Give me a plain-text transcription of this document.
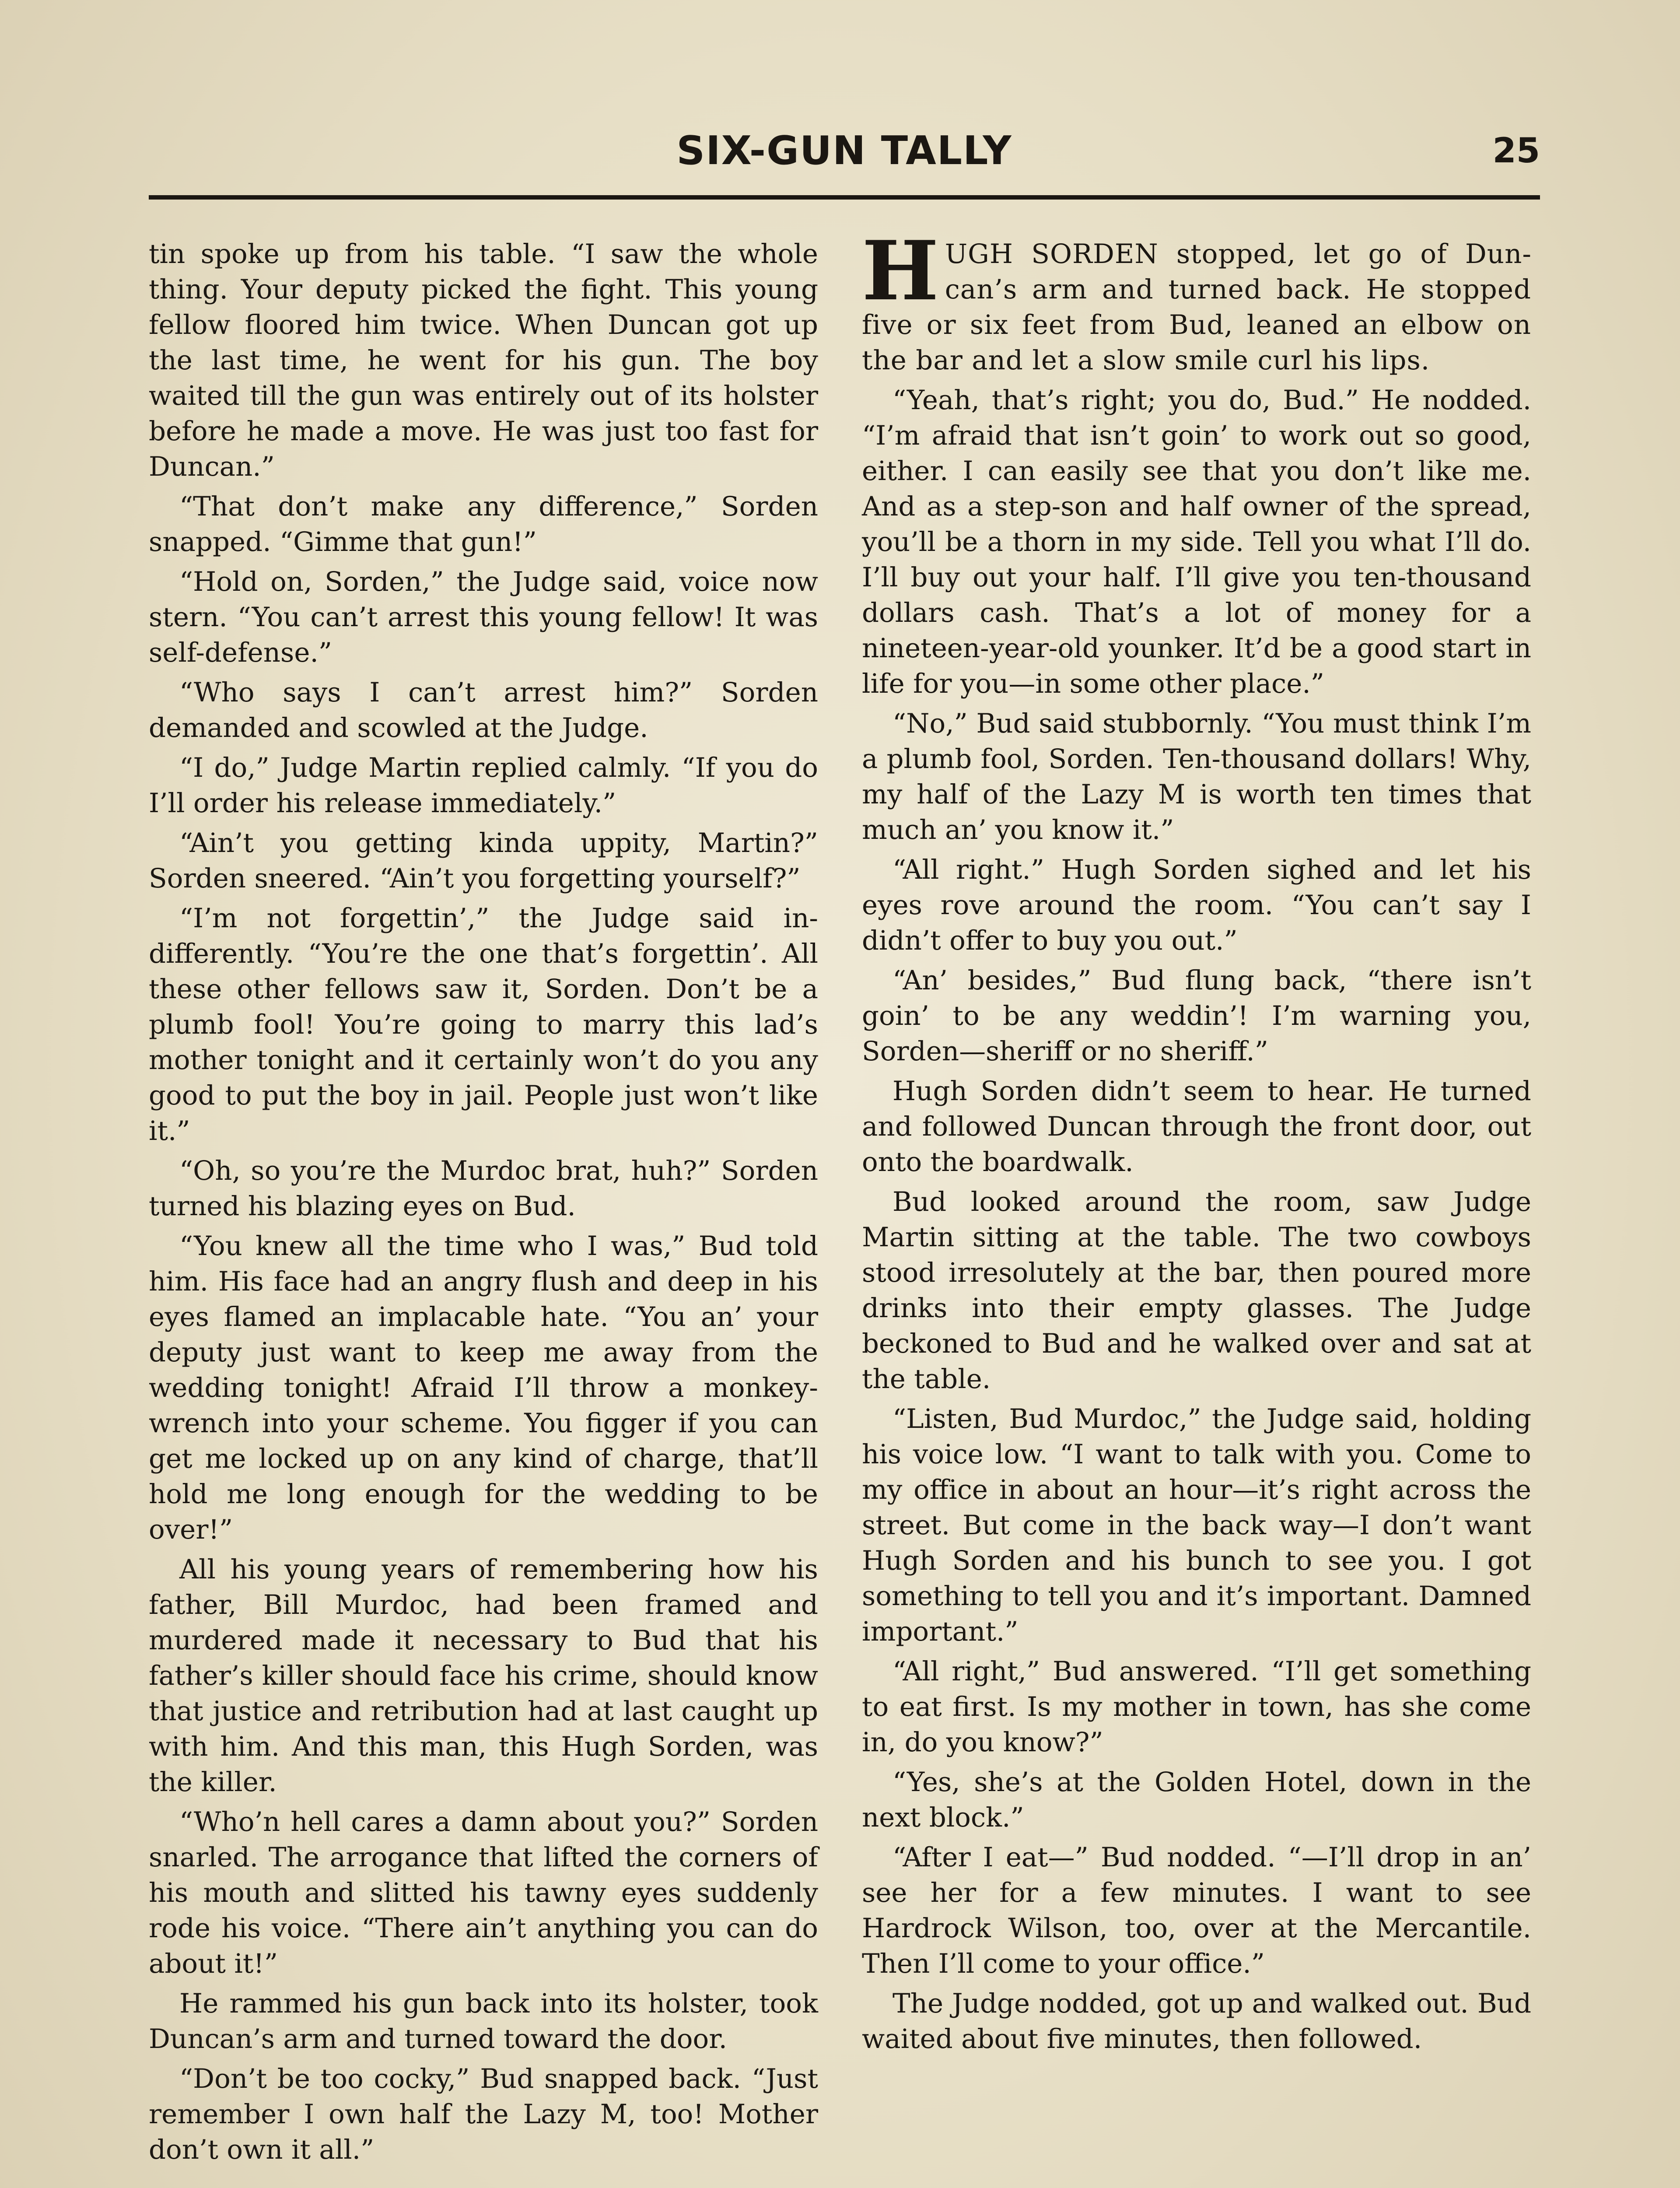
SIX-GUN TALLY	25

tin spoke up from his table. “I saw the whole thing. Your deputy picked the fight. This young fellow floored him twice. When Duncan got up the last time, he went for his gun. The boy waited till the gun was entirely out of its holster before he made a move. He was just too fast for Duncan.”

“That don’t make any difference,” Sorden snapped. “Gimme that gun!”

“Hold on, Sorden,” the Judge said, voice now stern. “You can’t arrest this young fellow! It was self-defense.”

“Who says I can’t arrest him?” Sorden demanded and scowled at the Judge.

“I do,” Judge Martin replied calmly. “If you do I’ll order his release immediately.”

“Ain’t you getting kinda uppity, Martin?” Sorden sneered. “Ain’t you forgetting yourself?”

“I’m not forgettin’,” the Judge said indifferently. “You’re the one that’s forgettin’. All these other fellows saw it, Sorden. Don’t be a plumb fool! You’re going to marry this lad’s mother tonight and it certainly won’t do you any good to put the boy in jail. People just won’t like it.”

“Oh, so you’re the Murdoc brat, huh?” Sorden turned his blazing eyes on Bud.

“You knew all the time who I was,” Bud told him. His face had an angry flush and deep in his eyes flamed an implacable hate. “You an’ your deputy just want to keep me away from the wedding tonight! Afraid I’ll throw a monkey-wrench into your scheme. You figger if you can get me locked up on any kind of charge, that’ll hold me long enough for the wedding to be over!”

All his young years of remembering how his father, Bill Murdoc, had been framed and murdered made it necessary to Bud that his father’s killer should face his crime, should know that justice and retribution had at last caught up with him. And this man, this Hugh Sorden, was the killer.

“Who’n hell cares a damn about you?” Sorden snarled. The arrogance that lifted the corners of his mouth and slitted his tawny eyes suddenly rode his voice. “There ain’t anything you can do about it!”

He rammed his gun back into its holster, took Duncan’s arm and turned toward the door.

“Don’t be too cocky,” Bud snapped back. “Just remember I own half the Lazy M, too! Mother don’t own it all.”

HUGH SORDEN stopped, let go of Duncan’s arm and turned back. He stopped five or six feet from Bud, leaned an elbow on the bar and let a slow smile curl his lips.

“Yeah, that’s right; you do, Bud.” He nodded. “I’m afraid that isn’t goin’ to work out so good, either. I can easily see that you don’t like me. And as a step-son and half owner of the spread, you’ll be a thorn in my side. Tell you what I’ll do. I’ll buy out your half. I’ll give you ten-thousand dollars cash. That’s a lot of money for a nineteen-year-old younker. It’d be a good start in life for you—in some other place.”

“No,” Bud said stubbornly. “You must think I’m a plumb fool, Sorden. Ten-thousand dollars! Why, my half of the Lazy M is worth ten times that much an’ you know it.”

“All right.” Hugh Sorden sighed and let his eyes rove around the room. “You can’t say I didn’t offer to buy you out.”

“An’ besides,” Bud flung back, “there isn’t goin’ to be any weddin’! I’m warning you, Sorden—sheriff or no sheriff.”

Hugh Sorden didn’t seem to hear. He turned and followed Duncan through the front door, out onto the boardwalk.

Bud looked around the room, saw Judge Martin sitting at the table. The two cowboys stood irresolutely at the bar, then poured more drinks into their empty glasses. The Judge beckoned to Bud and he walked over and sat at the table.

“Listen, Bud Murdoc,” the Judge said, holding his voice low. “I want to talk with you. Come to my office in about an hour—it’s right across the street. But come in the back way—I don’t want Hugh Sorden and his bunch to see you. I got something to tell you and it’s important. Damned important.”

“All right,” Bud answered. “I’ll get something to eat first. Is my mother in town, has she come in, do you know?”

“Yes, she’s at the Golden Hotel, down in the next block.”

“After I eat—” Bud nodded. “—I’ll drop in an’ see her for a few minutes. I want to see Hardrock Wilson, too, over at the Mercantile. Then I’ll come to your office.”

The Judge nodded, got up and walked out. Bud waited about five minutes, then followed.
